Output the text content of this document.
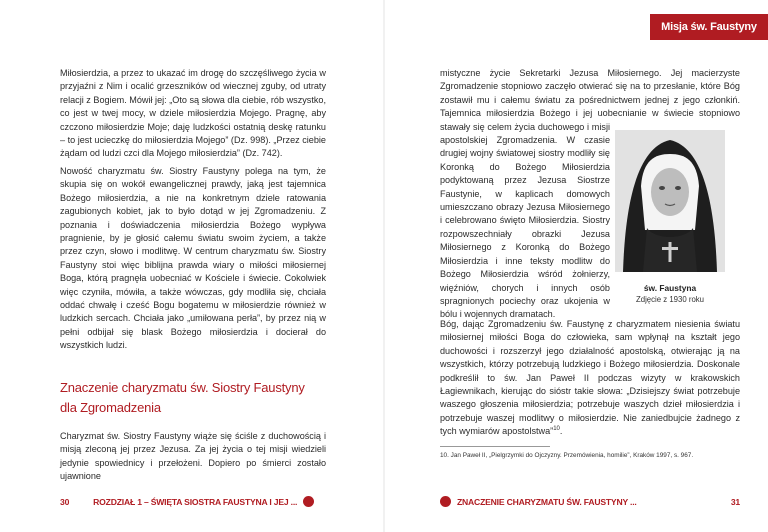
Miłosierdzia, a przez to ukazać im drogę do szczęśliwego życia w przyjaźni z Nim i ocalić grzeszników od wiecznej zguby, od utraty relacji z Bogiem. Mówił jej: „Oto są słowa dla ciebie, rób wszystko, co jest w twej mocy, w dziele miłosierdzia Mojego. Pragnę, aby czczono miłosierdzie Moje; daję ludzkości ostatnią deskę ratunku – to jest ucieczkę do miłosierdzia Mojego” (Dz. 998). „Przez ciebie żądam od ludzi czci dla Mojego miłosierdzia” (Dz. 742).

Nowość charyzmatu św. Siostry Faustyny polega na tym, że skupia się on wokół ewangelicznej prawdy, jaką jest tajemnica Bożego miłosierdzia, a nie na konkretnym dziele ratowania zagubionych kobiet, jak to było dotąd w jej Zgromadzeniu. Z poznania i doświadczenia miłosierdzia Bożego wypływa pragnienie, by je głosić całemu światu swoim życiem, a także przez czyn, słowo i modlitwę. W centrum charyzmatu św. Siostry Faustyny stoi więc biblijna prawda wiary o miłości miłosiernej Boga, którą pragnęła uobecniać w Kościele i świecie. Cokolwiek więc czyniła, mówiła, a także wówczas, gdy modliła się, chciała oddać chwałę i cześć Bogu bogatemu w miłosierdzie również w ludzkich sercach. Chciała jako „umiłowana perła”, by przez nią w pełni odbijał się blask Bożego miłosierdzia i docierał do wszystkich ludzi.

Znaczenie charyzmatu św. Siostry Faustyny
dla Zgromadzenia

Charyzmat św. Siostry Faustyny wiąże się ściśle z duchowością i misją zleconą jej przez Jezusa. Za jej życia o tej misji wiedzieli jedynie spowiednicy i przełożeni. Dopiero po śmierci zostało ujawnione

30	ROZDZIAŁ 1 – ŚWIĘTA SIOSTRA FAUSTYNA I JEJ ...
Misja św. Faustyny
mistyczne życie Sekretarki Jezusa Miłosiernego. Jej macierzyste Zgromadzenie stopniowo zaczęło otwierać się na to przesłanie, które Bóg zostawił mu i całemu światu za pośrednictwem jednej z jego członkiń. Tajemnica miłosierdzia Bożego i jej uobecnianie w świecie stopniowo stawały się celem życia duchowego i misji apostolskiej Zgromadzenia. W czasie drugiej wojny światowej siostry modliły się Koronką do Bożego Miłosierdzia podyktowaną przez Jezusa Siostrze Faustynie, w kaplicach domowych umieszczano obrazy Jezusa Miłosiernego i celebrowano święto Miłosierdzia. Siostry rozpowszechniały obrazki Jezusa Miłosiernego z Koronką do Bożego Miłosierdzia i inne teksty modlitw do Bożego Miłosierdzia wśród żołnierzy, więźniów, chorych i innych osób spragnionych pociechy oraz ukojenia w bólu i wojennych dramatach.
św. Faustyna
Zdjęcie z 1930 roku

Bóg, dając Zgromadzeniu św. Faustynę z charyzmatem niesienia światu miłosiernej miłości Boga do człowieka, sam wpłynął na kształt jego duchowości i rozszerzył jego działalność apostolską, otwierając ją na wszystkich, którzy potrzebują ludzkiego i Bożego miłosierdzia. Doskonale podkreślił to św. Jan Paweł II podczas wizyty w krakowskich Łagiewnikach, kierując do sióstr takie słowa: „Dzisiejszy świat potrzebuje waszego głoszenia miłosierdzia; potrzebuje waszych dzieł miłosierdzia i potrzebuje waszej modlitwy o miłosierdzie. Nie zaniedbujcie żadnego z tych wymiarów apostolstwa”$^{10}$.

10. Jan Paweł II, „Pielgrzymki do Ojczyzny. Przemówienia, homilie”, Kraków 1997, s. 967.
ZNACZENIE CHARYZMATU ŚW. FAUSTYNY ...	31
